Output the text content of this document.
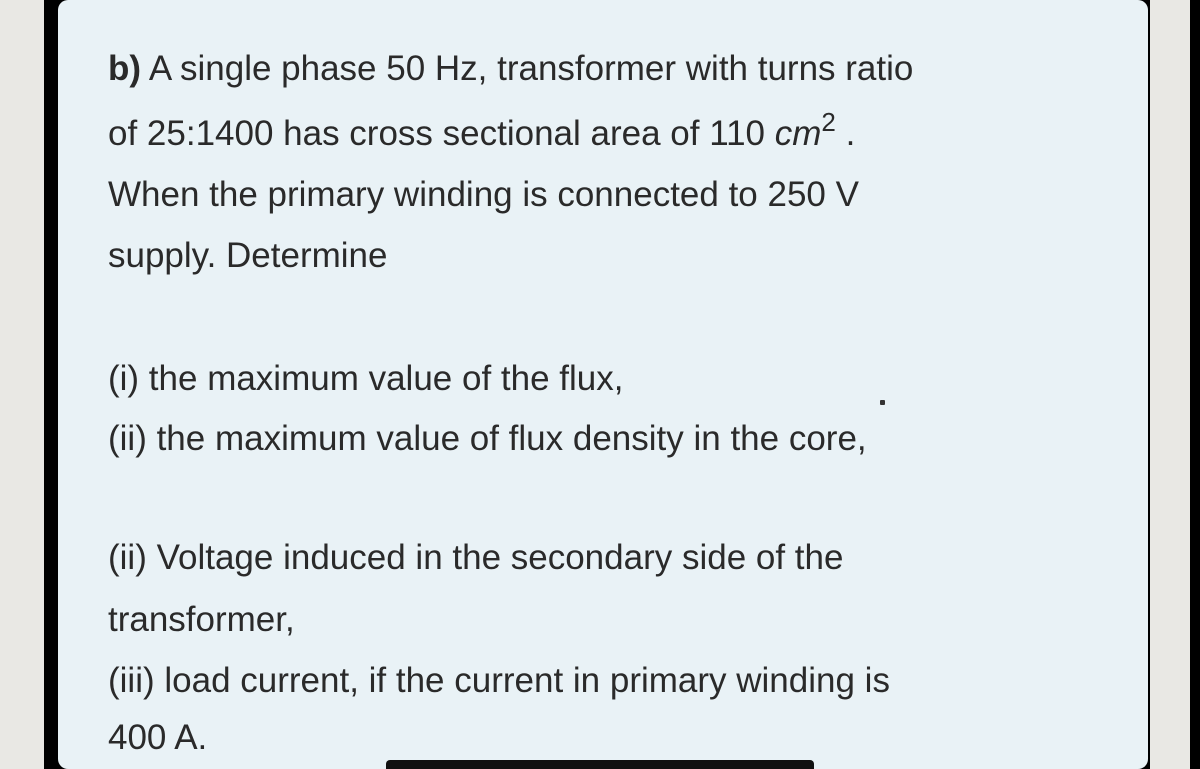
b) A single phase 50 Hz, transformer with turns ratio
of 25:1400 has cross sectional area of 110 $cm^2$ .
When the primary winding is connected to 250 V
supply. Determine
(i) the maximum value of the flux,
(ii) the maximum value of flux density in the core,
(ii) Voltage induced in the secondary side of the
transformer,
(iii) load current, if the current in primary winding is
400 A.
